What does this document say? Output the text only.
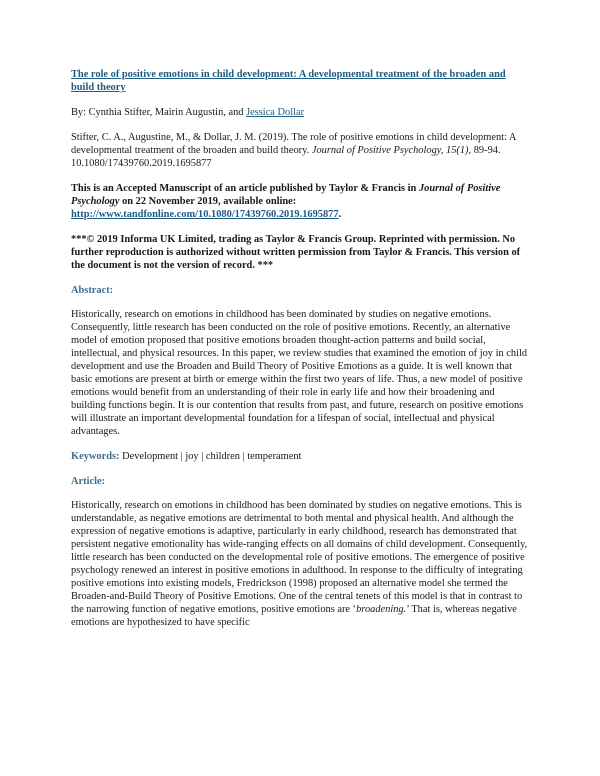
The role of positive emotions in child development: A developmental treatment of the broaden and build theory

By: Cynthia Stifter, Mairin Augustin, and Jessica Dollar

Stifter, C. A., Augustine, M., & Dollar, J. M. (2019). The role of positive emotions in child development: A developmental treatment of the broaden and build theory. Journal of Positive Psychology, 15(1), 89-94. 10.1080/17439760.2019.1695877

This is an Accepted Manuscript of an article published by Taylor & Francis in Journal of Positive Psychology on 22 November 2019, available online: http://www.tandfonline.com/10.1080/17439760.2019.1695877.

***© 2019 Informa UK Limited, trading as Taylor & Francis Group. Reprinted with permission. No further reproduction is authorized without written permission from Taylor & Francis. This version of the document is not the version of record. ***

Abstract:

Historically, research on emotions in childhood has been dominated by studies on negative emotions. Consequently, little research has been conducted on the role of positive emotions. Recently, an alternative model of emotion proposed that positive emotions broaden thought-action patterns and build social, intellectual, and physical resources. In this paper, we review studies that examined the emotion of joy in child development and use the Broaden and Build Theory of Positive Emotions as a guide. It is well known that basic emotions are present at birth or emerge within the first two years of life. Thus, a new model of positive emotions would benefit from an understanding of their role in early life and how their broadening and building functions begin. It is our contention that results from past, and future, research on positive emotions will illustrate an important developmental foundation for a lifespan of social, intellectual and physical advantages.

Keywords: Development | joy | children | temperament

Article:

Historically, research on emotions in childhood has been dominated by studies on negative emotions. This is understandable, as negative emotions are detrimental to both mental and physical health. And although the expression of negative emotions is adaptive, particularly in early childhood, research has demonstrated that persistent negative emotionality has wide-ranging effects on all domains of child development. Consequently, little research has been conducted on the developmental role of positive emotions. The emergence of positive psychology renewed an interest in positive emotions in adulthood. In response to the difficulty of integrating positive emotions into existing models, Fredrickson (1998) proposed an alternative model she termed the Broaden-and-Build Theory of Positive Emotions. One of the central tenets of this model is that in contrast to the narrowing function of negative emotions, positive emotions are ‘broadening.’ That is, whereas negative emotions are hypothesized to have specific
